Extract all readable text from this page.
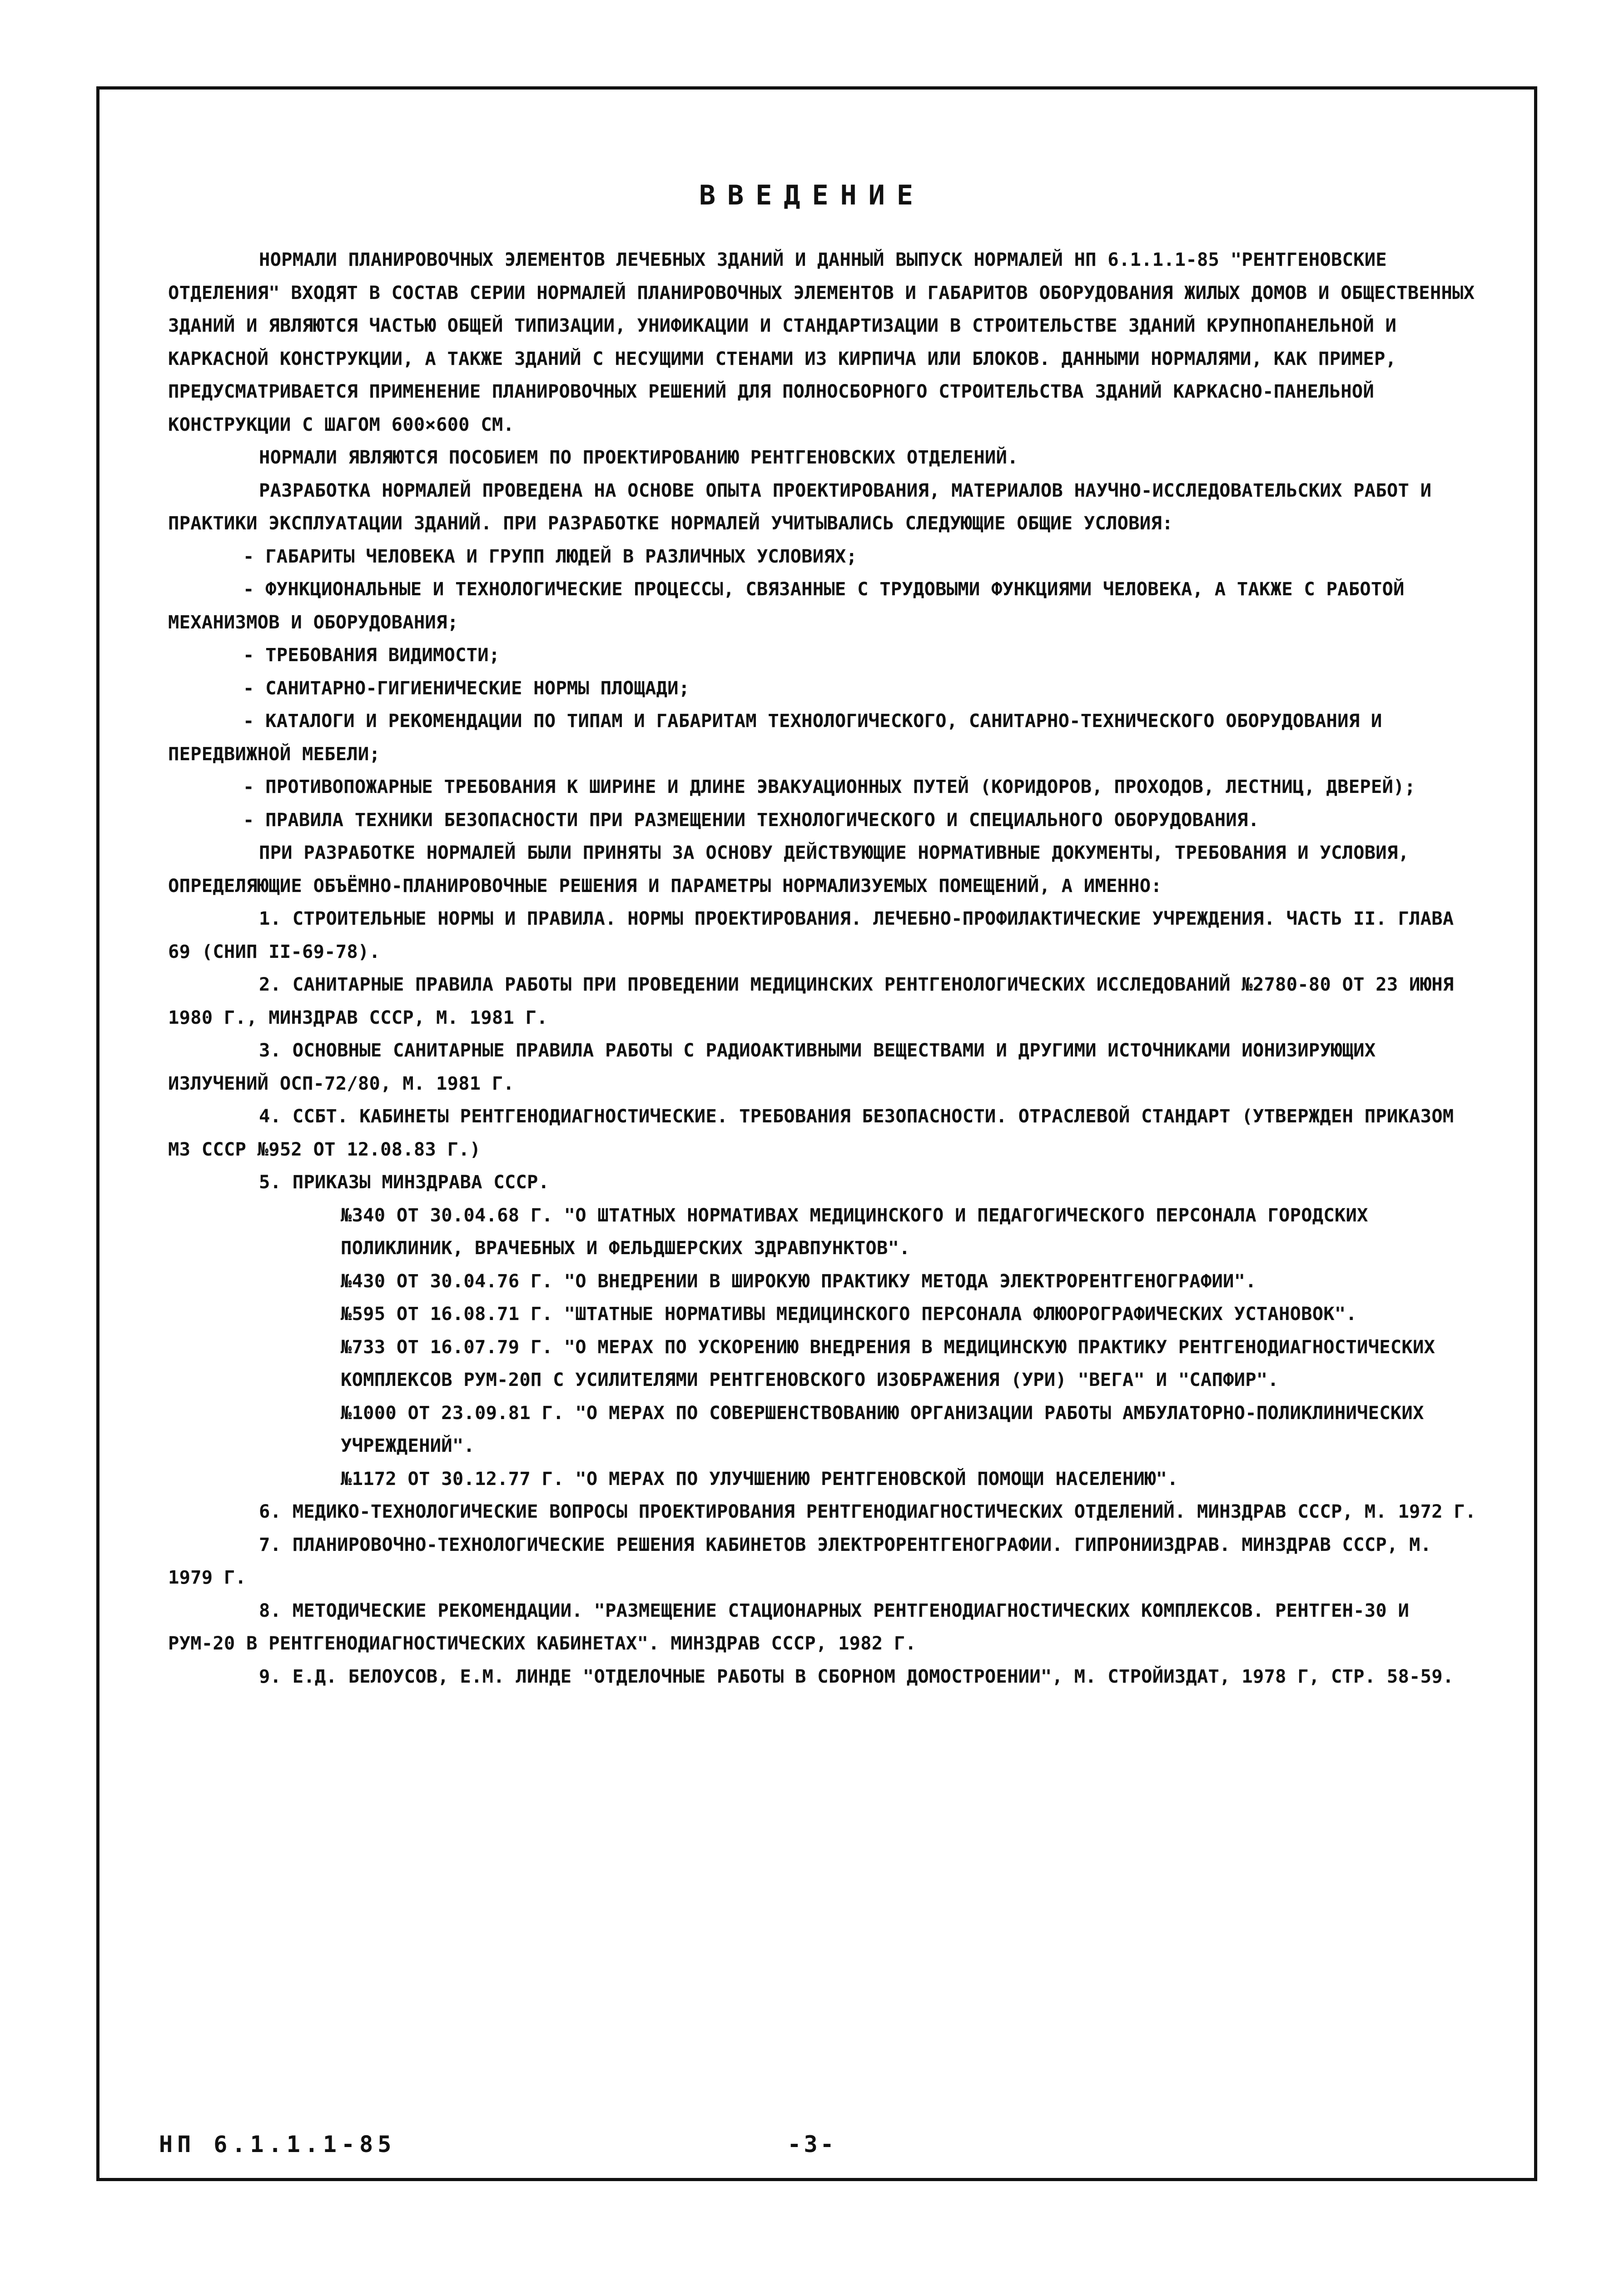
ВВЕДЕНИЕ

НОРМАЛИ ПЛАНИРОВОЧНЫХ ЭЛЕМЕНТОВ ЛЕЧЕБНЫХ ЗДАНИЙ И ДАННЫЙ ВЫПУСК НОРМАЛЕЙ НП 6.1.1.1-85 "РЕНТГЕНОВСКИЕ ОТДЕЛЕНИЯ" ВХОДЯТ В СОСТАВ СЕРИИ НОРМАЛЕЙ ПЛАНИРОВОЧНЫХ ЭЛЕМЕНТОВ И ГАБАРИТОВ ОБОРУДОВАНИЯ ЖИЛЫХ ДОМОВ И ОБЩЕСТВЕННЫХ ЗДАНИЙ И ЯВЛЯЮТСЯ ЧАСТЬЮ ОБЩЕЙ ТИПИЗАЦИИ, УНИФИКАЦИИ И СТАНДАРТИЗАЦИИ В СТРОИТЕЛЬСТВЕ ЗДАНИЙ КРУПНОПАНЕЛЬНОЙ И КАРКАСНОЙ КОНСТРУКЦИИ, А ТАКЖЕ ЗДАНИЙ С НЕСУЩИМИ СТЕНАМИ ИЗ КИРПИЧА ИЛИ БЛОКОВ. ДАННЫМИ НОРМАЛЯМИ, КАК ПРИМЕР, ПРЕДУСМАТРИВАЕТСЯ ПРИМЕНЕНИЕ ПЛАНИРОВОЧНЫХ РЕШЕНИЙ ДЛЯ ПОЛНОСБОРНОГО СТРОИТЕЛЬСТВА ЗДАНИЙ КАРКАСНО-ПАНЕЛЬНОЙ КОНСТРУКЦИИ С ШАГОМ 600×600 СМ.

НОРМАЛИ ЯВЛЯЮТСЯ ПОСОБИЕМ ПО ПРОЕКТИРОВАНИЮ РЕНТГЕНОВСКИХ ОТДЕЛЕНИЙ.

РАЗРАБОТКА НОРМАЛЕЙ ПРОВЕДЕНА НА ОСНОВЕ ОПЫТА ПРОЕКТИРОВАНИЯ, МАТЕРИАЛОВ НАУЧНО-ИССЛЕДОВАТЕЛЬСКИХ РАБОТ И ПРАКТИКИ ЭКСПЛУАТАЦИИ ЗДАНИЙ. ПРИ РАЗРАБОТКЕ НОРМАЛЕЙ УЧИТЫВАЛИСЬ СЛЕДУЮЩИЕ ОБЩИЕ УСЛОВИЯ:

- ГАБАРИТЫ ЧЕЛОВЕКА И ГРУПП ЛЮДЕЙ В РАЗЛИЧНЫХ УСЛОВИЯХ;

- ФУНКЦИОНАЛЬНЫЕ И ТЕХНОЛОГИЧЕСКИЕ ПРОЦЕССЫ, СВЯЗАННЫЕ С ТРУДОВЫМИ ФУНКЦИЯМИ ЧЕЛОВЕКА, А ТАКЖЕ С РАБОТОЙ МЕХАНИЗМОВ И ОБОРУДОВАНИЯ;

- ТРЕБОВАНИЯ ВИДИМОСТИ;

- САНИТАРНО-ГИГИЕНИЧЕСКИЕ НОРМЫ ПЛОЩАДИ;

- КАТАЛОГИ И РЕКОМЕНДАЦИИ ПО ТИПАМ И ГАБАРИТАМ ТЕХНОЛОГИЧЕСКОГО, САНИТАРНО-ТЕХНИЧЕСКОГО ОБОРУДОВАНИЯ И ПЕРЕДВИЖНОЙ МЕБЕЛИ;

- ПРОТИВОПОЖАРНЫЕ ТРЕБОВАНИЯ К ШИРИНЕ И ДЛИНЕ ЭВАКУАЦИОННЫХ ПУТЕЙ (КОРИДОРОВ, ПРОХОДОВ, ЛЕСТНИЦ, ДВЕРЕЙ);

- ПРАВИЛА ТЕХНИКИ БЕЗОПАСНОСТИ ПРИ РАЗМЕЩЕНИИ ТЕХНОЛОГИЧЕСКОГО И СПЕЦИАЛЬНОГО ОБОРУДОВАНИЯ.

ПРИ РАЗРАБОТКЕ НОРМАЛЕЙ БЫЛИ ПРИНЯТЫ ЗА ОСНОВУ ДЕЙСТВУЮЩИЕ НОРМАТИВНЫЕ ДОКУМЕНТЫ, ТРЕБОВАНИЯ И УСЛОВИЯ, ОПРЕДЕЛЯЮЩИЕ ОБЪЁМНО-ПЛАНИРОВОЧНЫЕ РЕШЕНИЯ И ПАРАМЕТРЫ НОРМАЛИЗУЕМЫХ ПОМЕЩЕНИЙ, А ИМЕННО:

1. СТРОИТЕЛЬНЫЕ НОРМЫ И ПРАВИЛА. НОРМЫ ПРОЕКТИРОВАНИЯ. ЛЕЧЕБНО-ПРОФИЛАКТИЧЕСКИЕ УЧРЕЖДЕНИЯ. ЧАСТЬ II. ГЛАВА 69 (СНИП II-69-78).

2. САНИТАРНЫЕ ПРАВИЛА РАБОТЫ ПРИ ПРОВЕДЕНИИ МЕДИЦИНСКИХ РЕНТГЕНОЛОГИЧЕСКИХ ИССЛЕДОВАНИЙ №2780-80 ОТ 23 ИЮНЯ 1980 Г., МИНЗДРАВ СССР, М. 1981 Г.

3. ОСНОВНЫЕ САНИТАРНЫЕ ПРАВИЛА РАБОТЫ С РАДИОАКТИВНЫМИ ВЕЩЕСТВАМИ И ДРУГИМИ ИСТОЧНИКАМИ ИОНИЗИРУЮЩИХ ИЗЛУЧЕНИЙ ОСП-72/80, М. 1981 Г.

4. ССБТ. КАБИНЕТЫ РЕНТГЕНОДИАГНОСТИЧЕСКИЕ. ТРЕБОВАНИЯ БЕЗОПАСНОСТИ. ОТРАСЛЕВОЙ СТАНДАРТ (УТВЕРЖДЕН ПРИКАЗОМ МЗ СССР №952 ОТ 12.08.83 Г.)

5. ПРИКАЗЫ МИНЗДРАВА СССР.

№340 ОТ 30.04.68 Г. "О ШТАТНЫХ НОРМАТИВАХ МЕДИЦИНСКОГО И ПЕДАГОГИЧЕСКОГО ПЕРСОНАЛА ГОРОДСКИХ ПОЛИКЛИНИК, ВРАЧЕБНЫХ И ФЕЛЬДШЕРСКИХ ЗДРАВПУНКТОВ".

№430 ОТ 30.04.76 Г. "О ВНЕДРЕНИИ В ШИРОКУЮ ПРАКТИКУ МЕТОДА ЭЛЕКТРОРЕНТГЕНОГРАФИИ".

№595 ОТ 16.08.71 Г. "ШТАТНЫЕ НОРМАТИВЫ МЕДИЦИНСКОГО ПЕРСОНАЛА ФЛЮОРОГРАФИЧЕСКИХ УСТАНОВОК".

№733 ОТ 16.07.79 Г. "О МЕРАХ ПО УСКОРЕНИЮ ВНЕДРЕНИЯ В МЕДИЦИНСКУЮ ПРАКТИКУ РЕНТГЕНОДИАГНОСТИЧЕСКИХ КОМПЛЕКСОВ РУМ-20П С УСИЛИТЕЛЯМИ РЕНТГЕНОВСКОГО ИЗОБРАЖЕНИЯ (УРИ) "ВЕГА" И "САПФИР".

№1000 ОТ 23.09.81 Г. "О МЕРАХ ПО СОВЕРШЕНСТВОВАНИЮ ОРГАНИЗАЦИИ РАБОТЫ АМБУЛАТОРНО-ПОЛИКЛИНИЧЕСКИХ УЧРЕЖДЕНИЙ".

№1172 ОТ 30.12.77 Г. "О МЕРАХ ПО УЛУЧШЕНИЮ РЕНТГЕНОВСКОЙ ПОМОЩИ НАСЕЛЕНИЮ".

6. МЕДИКО-ТЕХНОЛОГИЧЕСКИЕ ВОПРОСЫ ПРОЕКТИРОВАНИЯ РЕНТГЕНОДИАГНОСТИЧЕСКИХ ОТДЕЛЕНИЙ. МИНЗДРАВ СССР, М. 1972 Г.

7. ПЛАНИРОВОЧНО-ТЕХНОЛОГИЧЕСКИЕ РЕШЕНИЯ КАБИНЕТОВ ЭЛЕКТРОРЕНТГЕНОГРАФИИ. ГИПРОНИИЗДРАВ. МИНЗДРАВ СССР, М. 1979 Г.

8. МЕТОДИЧЕСКИЕ РЕКОМЕНДАЦИИ. "РАЗМЕЩЕНИЕ СТАЦИОНАРНЫХ РЕНТГЕНОДИАГНОСТИЧЕСКИХ КОМПЛЕКСОВ. РЕНТГЕН-30 И РУМ-20 В РЕНТГЕНОДИАГНОСТИЧЕСКИХ КАБИНЕТАХ". МИНЗДРАВ СССР, 1982 Г.

9. Е.Д. БЕЛОУСОВ, Е.М. ЛИНДЕ "ОТДЕЛОЧНЫЕ РАБОТЫ В СБОРНОМ ДОМОСТРОЕНИИ", М. СТРОЙИЗДАТ, 1978 Г, СТР. 58-59.

НП 6.1.1.1-85	-3-
